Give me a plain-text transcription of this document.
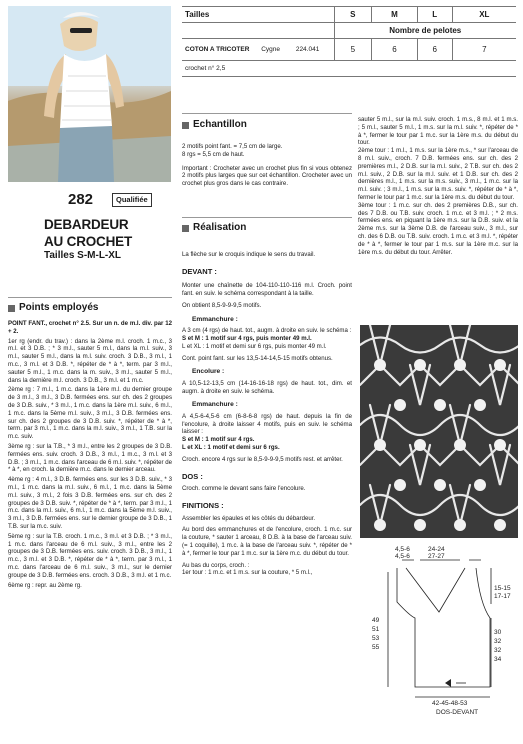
282	Qualifiée
DEBARDEUR
AU CROCHET
Tailles S-M-L-XL
Points employés
POINT FANT., crochet n° 2.5. Sur un n. de m.l. div. par 12 + 2.
1er rg (endr. du trav.) : dans la 2ème m.l. croch. 1 m.c., 3 m.l. et 3 D.B. ; * 3 m.l., sauter 5 m.l., dans la m.l. suiv., 3 m.l., sauter 5 m.l., dans la m.l. suiv. croch. 3 D.B., 3 m.l., 1 m.c., 3 m.l. et 3 D.B. *, répéter de * à *, term. par 3 m.l., sauter 5 m.l., 1 m.c. dans la m. suiv., 3 m.l., sauter 5 m.l., dans la dernière m.l. croch. 3 D.B., 3 m.l. et 1 m.c.
2ème rg : 7 m.l., 1 m.c. dans la 1ère m.l. du dernier groupe de 3 m.l., 3 m.l., 3 D.B. fermées ens. sur ch. des 2 groupes de 3 D.B. suiv., * 3 m.l., 1 m.c. dans la 1ère m.l. suiv., 6 m.l., 1 m.c. dans la 5ème m.l. suiv., 3 m.l., 3 D.B. fermées ens. sur ch. des 2 groupes de 3 D.B. suiv. *, répéter de * à *, term. par 3 m.l., 1 m.c. dans la m.l. suiv., 3 m.l., 1 T.B. sur la m.c. suiv.
3ème rg : sur la T.B., * 3 m.l., entre les 2 groupes de 3 D.B. fermées ens. suiv. croch. 3 D.B., 3 m.l., 1 m.c., 3 m.l. et 3 D.B. ; 3 m.l., 1 m.c. dans l'arceau de 6 m.l. suiv. *, répéter de * à *, en croch. la dernière m.c. dans le dernier arceau.
4ème rg : 4 m.l., 3 D.B. fermées ens. sur les 3 D.B. suiv., * 3 m.l., 1 m.c. dans la m.l. suiv., 6 m.l., 1 m.c. dans la 5ème m.l. suiv., 3 m.l., 2 fois 3 D.B. fermées ens. sur ch. des 2 groupes de 3 D.B. suiv. *, répéter de * à *, term. par 3 m.l., 1 m.c. dans la m.l. suiv., 6 m.l., 1 m.c. dans la 5ème m.l. suiv., 3 m.l., 3 D.B. fermées ens. sur le dernier groupe de 3 D.B., 1 T.B. sur la m.c. suiv.
5ème rg : sur la T.B. croch. 1 m.c., 3 m.l. et 3 D.B. ; * 3 m.l., 1 m.c. dans l'arceau de 6 m.l. suiv., 3 m.l., entre les 2 groupes de 3 D.B. fermées ens. suiv. croch. 3 D.B., 3 m.l., 1 m.c., 3 m.l. et 3 D.B. *, répéter de * à *, term. par 3 m.l., 1 m.c. dans l'arceau de 6 m.l. suiv., 3 m.l., sur le dernier groupe de 3 D.B. fermées ens. croch. 3 D.B., 3 m.l. et 1 m.c.
6ème rg : repr. au 2ème rg.
Tailles	S	M	L	XL
	Nombre de pelotes			
COTON A TRICOTER Cygne 224.041	5	6	6	7
crochet n° 2,5				
Echantillon
2 motifs point fant. = 7,5 cm de large.
8 rgs = 5,5 cm de haut.
Important : Crocheter avec un crochet plus fin si vous obtenez 2 motifs plus larges que sur cet échantillon. Crocheter avec un crochet plus gros dans le cas contraire.
Réalisation
La flèche sur le croquis indique le sens du travail.
DEVANT :
Monter une chaînette de 104-110-110-116 m.l. Croch. point fant. en suiv. le schéma correspondant à la taille.
On obtient 8,5-9-9-9,5 motifs.
Emmanchure :
A 3 cm (4 rgs) de haut. tot., augm. à droite en suiv. le schéma :
S et M : 1 motif sur 4 rgs, puis monter 49 m.l.
L et XL : 1 motif et demi sur 6 rgs, puis monter 49 m.l.
Cont. point fant. sur les 13,5-14-14,5-15 motifs obtenus.
Encolure :
A 10,5-12-13,5 cm (14-16-16-18 rgs) de haut. tot., dim. et augm. à droite en suiv. le schéma.
Emmanchure :
A 4,5-6-4,5-6 cm (6-8-6-8 rgs) de haut. depuis la fin de l'encolure, à droite laisser 4 motifs, puis en suiv. le schéma laisser :
S et M : 1 motif sur 4 rgs.
L et XL : 1 motif et demi sur 6 rgs.
Croch. encore 4 rgs sur le 8,5-9-9-9,5 motifs rest. et arrêter.
DOS :
Croch. comme le devant sans faire l'encolure.
FINITIONS :
Assembler les épaules et les côtés du débardeur.
Au bord des emmanchures et de l'encolure, croch. 1 m.c. sur la couture, * sauter 1 arceau, 8 D.B. à la base de l'arceau suiv. (= 1 coquille), 1 m.c. à la base de l'arceau suiv. *, répéter de * à *, fermer le tour par 1 m.c. sur la 1ère m.c. du début du tour.
Au bas du corps, croch. :
1er tour : 1 m.c. et 1 m.s. sur la couture, * 5 m.l.,
sauter 5 m.l., sur la m.l. suiv. croch. 1 m.s., 8 m.l. et 1 m.s. ; 5 m.l., sauter 5 m.l., 1 m.s. sur la m.l. suiv. *, répéter de * à *, fermer le tour par 1 m.c. sur la 1ère m.s. du début du tour.
2ème tour : 1 m.l., 1 m.s. sur la 1ère m.s., * sur l'arceau de 8 m.l. suiv., croch. 7 D.B. fermées ens. sur ch. des 2 premières m.l., 2 D.B. sur la m.l. suiv., 2 T.B. sur ch. des 2 m.l. suiv., 2 D.B. sur la m.l. suiv. et 1 D.B. sur ch. des 2 dernières m.l., 1 m.s. sur la m.s. suiv., 3 m.l., 1 m.c. sur la m.l. suiv. ; 3 m.l., 1 m.s. sur la m.s. suiv. *, répéter de * à *, fermer le tour par 1 m.c. sur la 1ère m.s. du début du tour.
3ème tour : 1 m.c. sur ch. des 2 premières D.B., sur ch. des 7 D.B. ou T.B. suiv. croch. 1 m.c. et 3 m.l. ; * 2 m.s. fermées ens. en piquant la 1ère m.s. sur la D.B. suiv. et la 2ème m.s. sur la 3ème D.B. de l'arceau suiv., 3 m.l., sur ch. des 6 D.B. ou T.B. suiv. croch. 1 m.c. et 3 m.l. *, répéter de * à *, fermer le tour par 1 m.s. sur la 1ère m.c. sur la 1ère m.s. du début du tour. Arrêter.
4,5-6
4,5-6
24-24
27-27
15-15
17-17
49
51
53
55
30
32
32
34
42-45-48-53
DOS-DEVANT
